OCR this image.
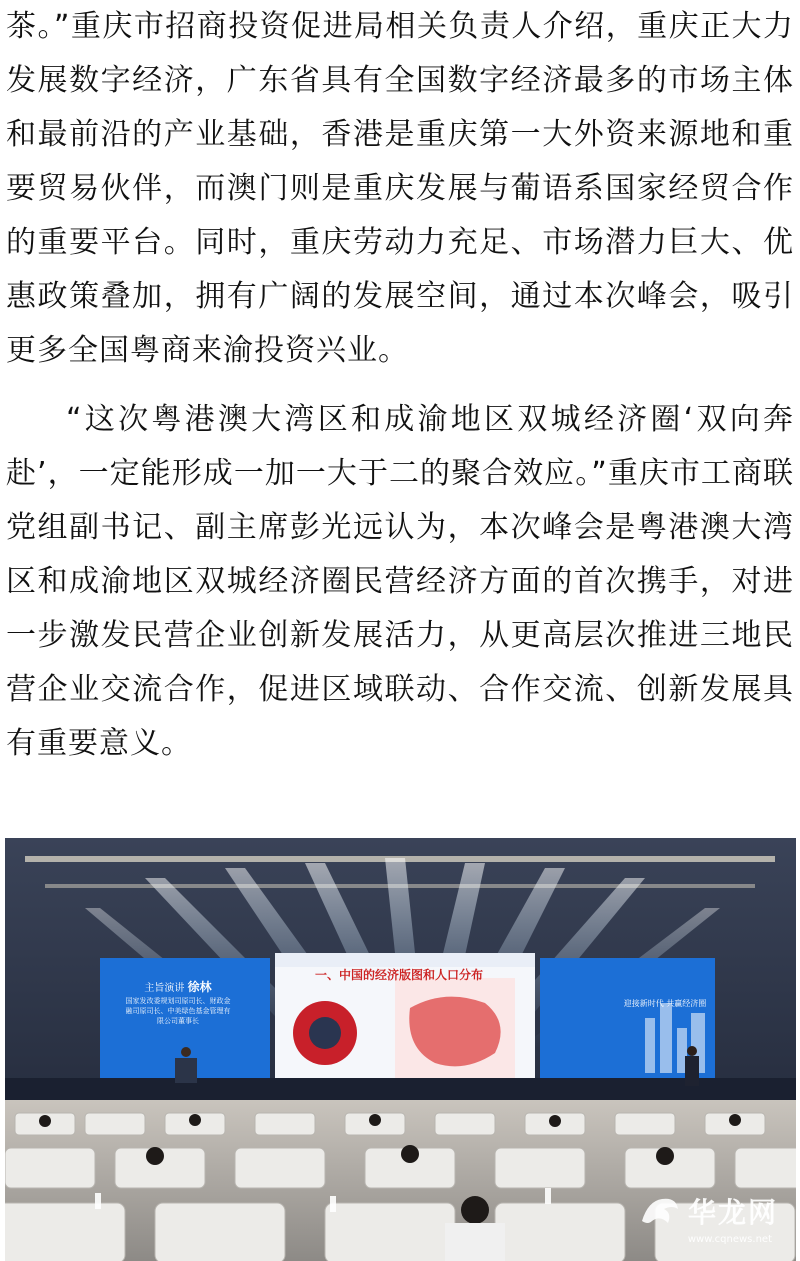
茶。”重庆市招商投资促进局相关负责人介绍，重庆正大力发展数字经济，广东省具有全国数字经济最多的市场主体和最前沿的产业基础，香港是重庆第一大外资来源地和重要贸易伙伴，而澳门则是重庆发展与葡语系国家经贸合作的重要平台。同时，重庆劳动力充足、市场潜力巨大、优惠政策叠加，拥有广阔的发展空间，通过本次峰会，吸引更多全国粤商来渝投资兴业。

“这次粤港澳大湾区和成渝地区双城经济圈‘双向奔赴’，一定能形成一加一大于二的聚合效应。”重庆市工商联党组副书记、副主席彭光远认为，本次峰会是粤港澳大湾区和成渝地区双城经济圈民营经济方面的首次携手，对进一步激发民营企业创新发展活力，从更高层次推进三地民营企业交流合作，促进区域联动、合作交流、创新发展具有重要意义。

一、中国的经济版图和人口分布
主旨演讲 徐林
国家发改委规划司原司长、财政金融司原司长、中美绿色基金管理有限公司董事长
迎接新时代 共赢经济圈
华龙网
www.cqnews.net
